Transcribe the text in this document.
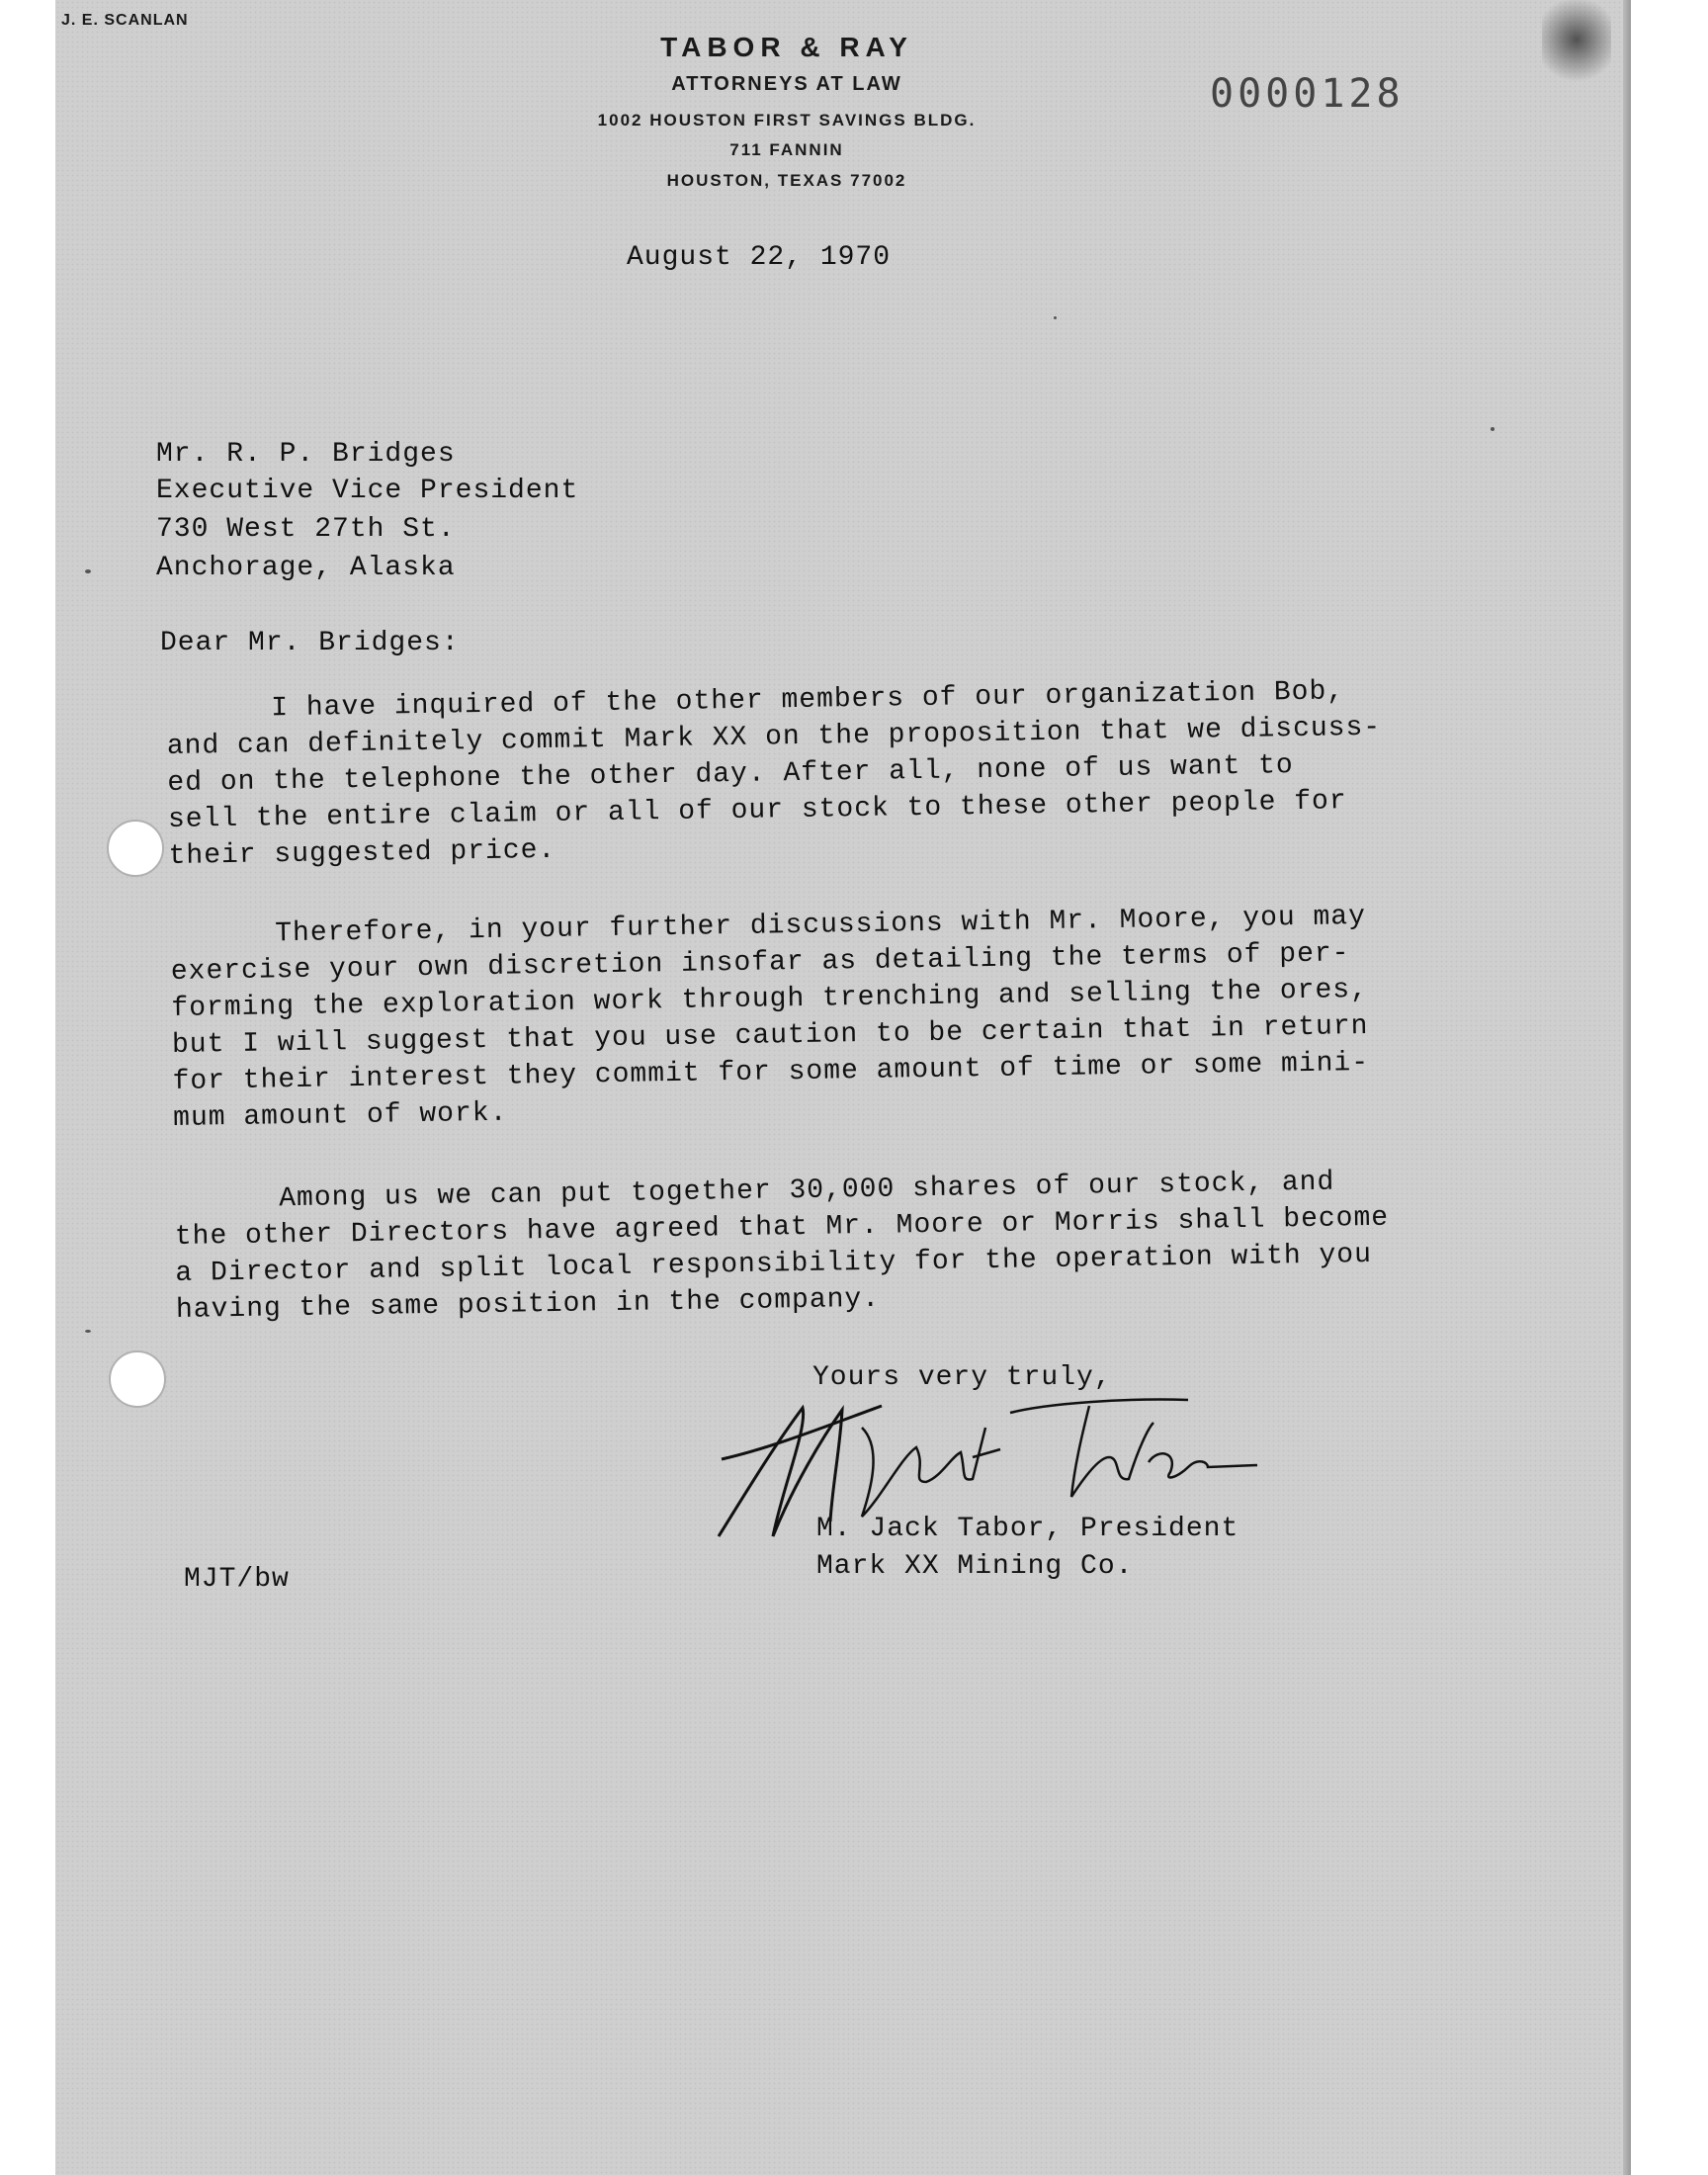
J. E. SCANLAN
TABOR & RAY
ATTORNEYS AT LAW
1002 HOUSTON FIRST SAVINGS BLDG.
711 FANNIN
HOUSTON, TEXAS 77002
0000128
August 22, 1970
Mr. R. P. Bridges
Executive Vice President
730 West 27th St.
Anchorage, Alaska
Dear Mr. Bridges:
I have inquired of the other members of our organization Bob,
and can definitely commit Mark XX on the proposition that we discuss-
ed on the telephone the other day. After all, none of us want to
sell the entire claim or all of our stock to these other people for
their suggested price.
Therefore, in your further discussions with Mr. Moore, you may
exercise your own discretion insofar as detailing the terms of per-
forming the exploration work through trenching and selling the ores,
but I will suggest that you use caution to be certain that in return
for their interest they commit for some amount of time or some mini-
mum amount of work.
Among us we can put together 30,000 shares of our stock, and
the other Directors have agreed that Mr. Moore or Morris shall become
a Director and split local responsibility for the operation with you
having the same position in the company.
Yours very truly,
M. Jack Tabor, President
Mark XX Mining Co.
MJT/bw
